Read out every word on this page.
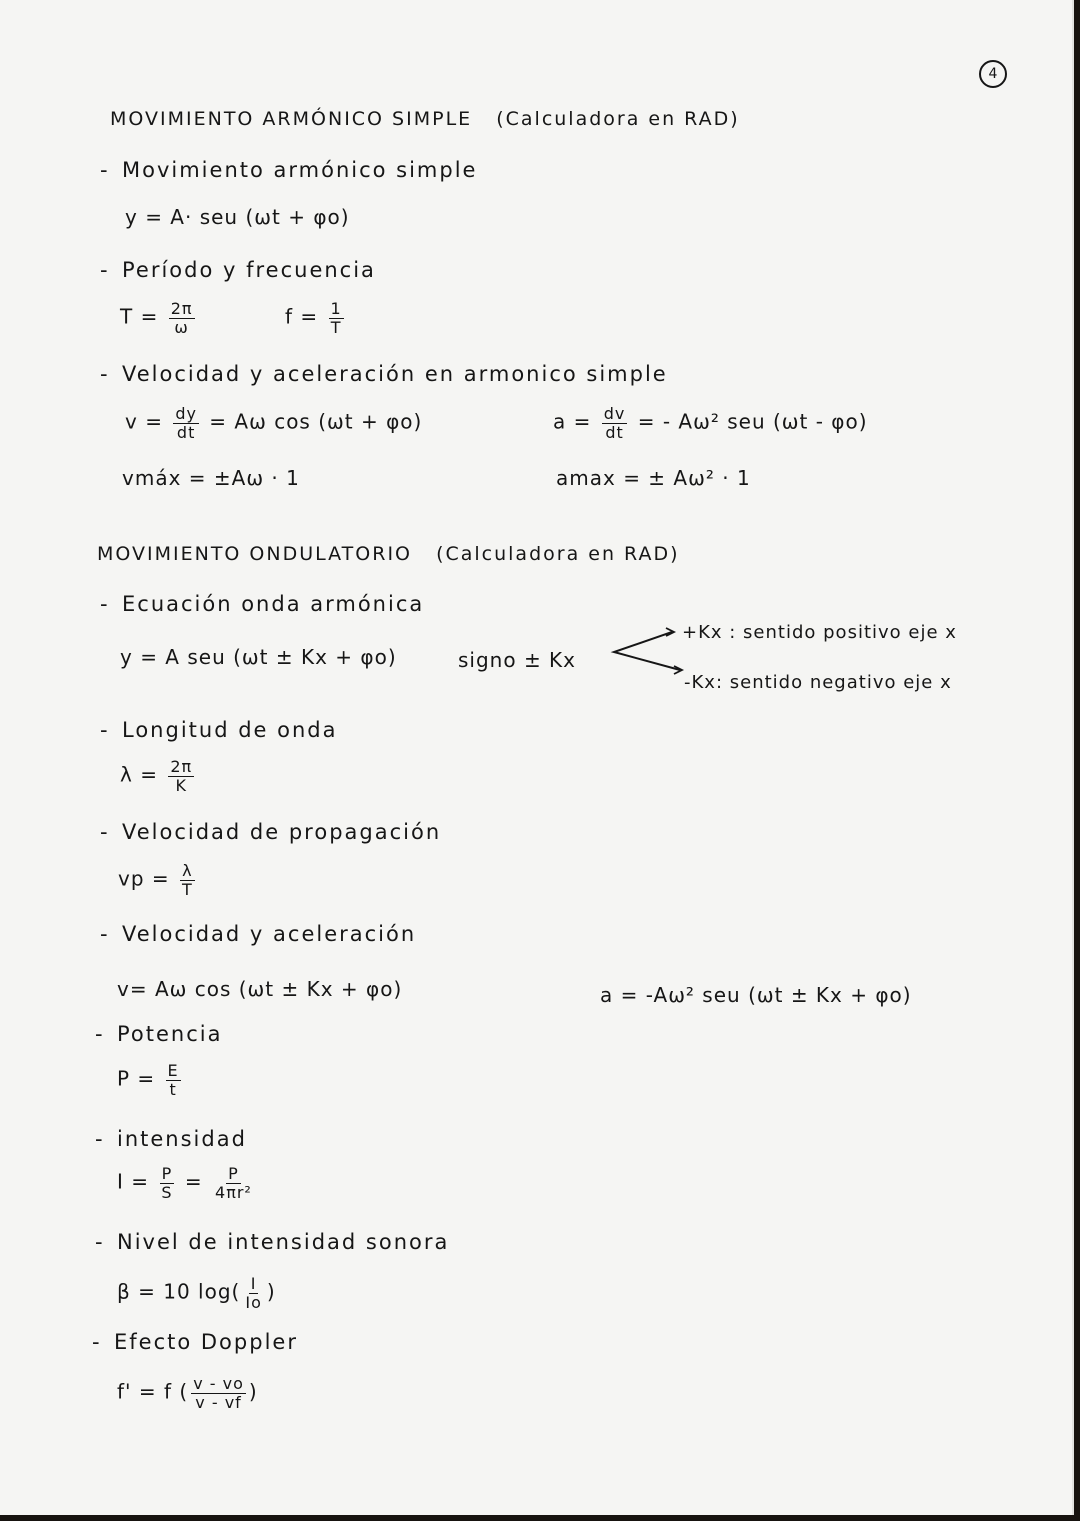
4
MOVIMIENTO ARMÓNICO SIMPLE (Calculadora en RAD)
- Movimiento armónico simple
y = A· seu (ωt + φo)
- Período y frecuencia
$T = \frac{2\pi}{\omega}$	$f = \frac{1}{T}$
- Velocidad y aceleración en armonico simple
$v = \frac{dy}{dt} = A\omega$ cos (ωt + φo)	$a = \frac{dv}{dt}$ = - Aω² seu (ωt - φo)
vmáx = ±Aω · 1	amax = ± Aω² · 1
MOVIMIENTO ONDULATORIO (Calculadora en RAD)
- Ecuación onda armónica
y = A seu (ωt ± Kx + φo)	signo ± Kx
+Kx : sentido positivo eje x
-Kx: sentido negativo eje x
- Longitud de onda
$\lambda = \frac{2\pi}{K}$
- Velocidad de propagación
vp = $\frac{\lambda}{T}$
- Velocidad y aceleración
v= Aω cos (ωt ± Kx + φo)	a = -Aω² seu (ωt ± Kx + φo)
- Potencia
$P = \frac{E}{t}$
- intensidad
$I = \frac{P}{S} = \frac{P}{\text{4πr²}}$
- Nivel de intensidad sonora
β = 10 $\log( \frac{I}{Io}$ )
- Efecto Doppler
f' = f ( $\frac{v - vo}{v - vf}$ )
